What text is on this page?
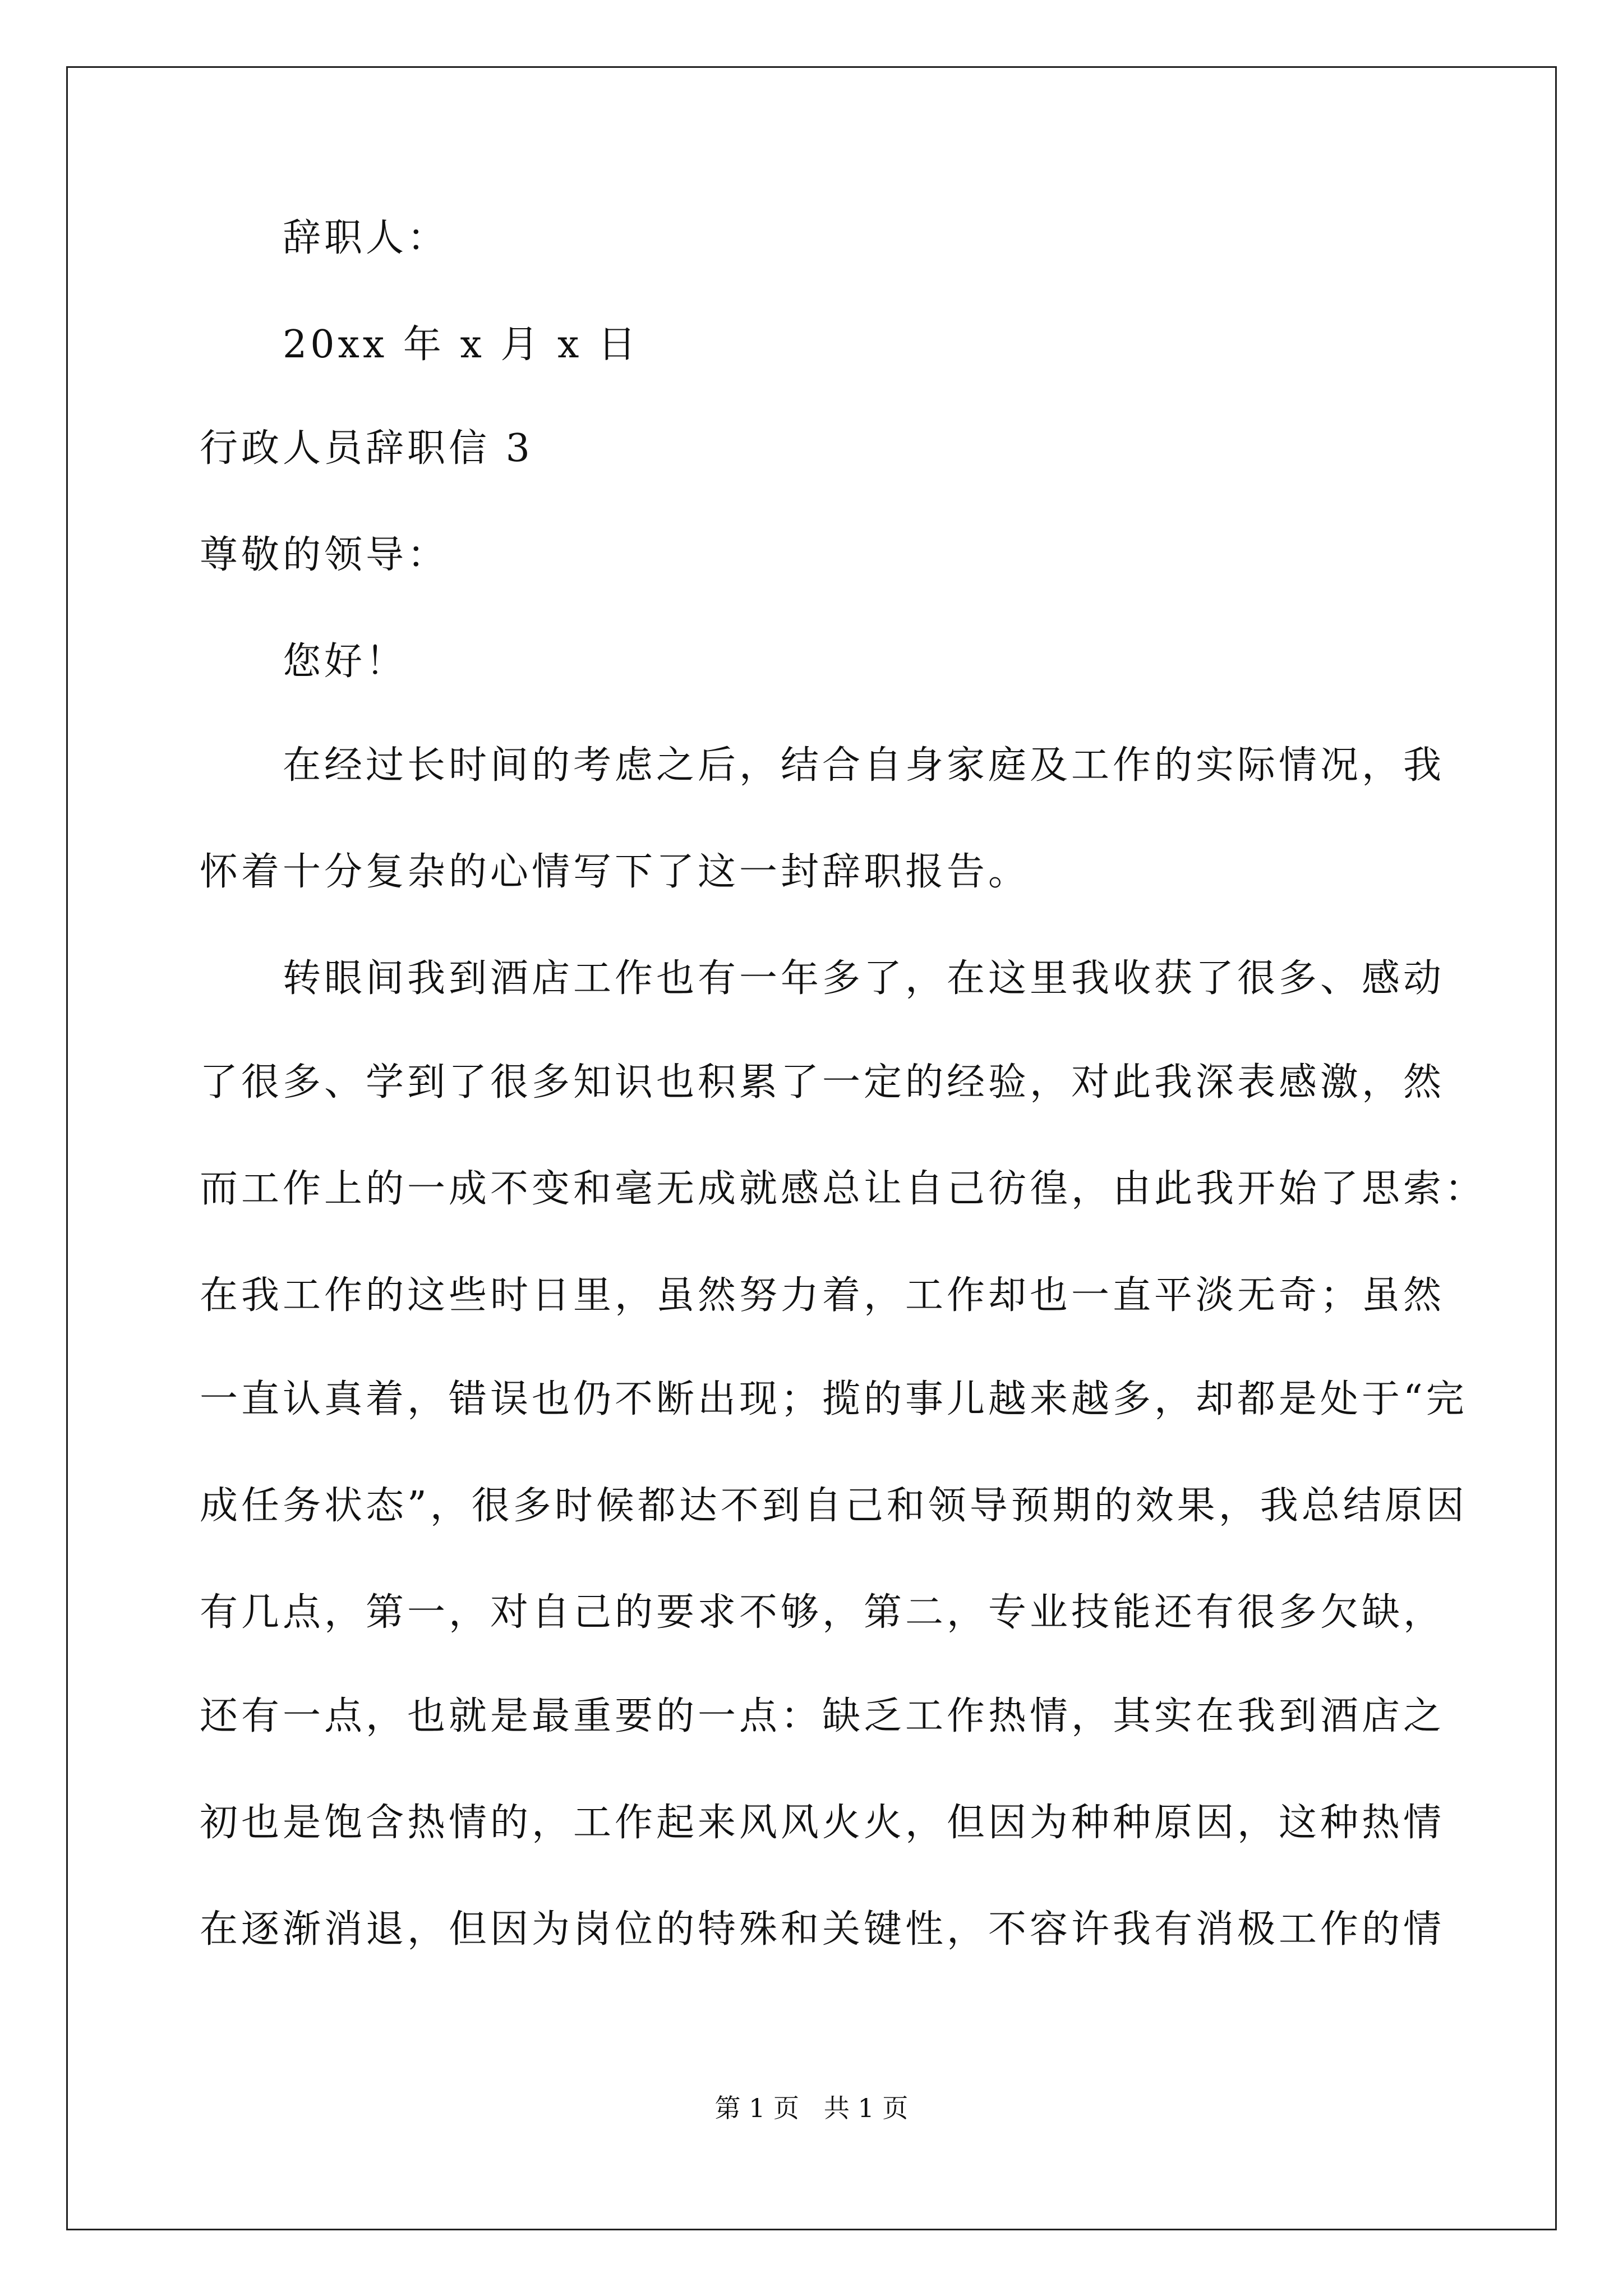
辞职人：
20xx 年 x 月 x 日
行政人员辞职信 3
尊敬的领导：
您好！
在经过长时间的考虑之后，结合自身家庭及工作的实际情况，我
怀着十分复杂的心情写下了这一封辞职报告。
转眼间我到酒店工作也有一年多了，在这里我收获了很多、感动
了很多、学到了很多知识也积累了一定的经验，对此我深表感激，然
而工作上的一成不变和毫无成就感总让自己彷徨，由此我开始了思索：
在我工作的这些时日里，虽然努力着，工作却也一直平淡无奇；虽然
一直认真着，错误也仍不断出现；揽的事儿越来越多，却都是处于“完
成任务状态”，很多时候都达不到自己和领导预期的效果，我总结原因
有几点，第一，对自己的要求不够，第二，专业技能还有很多欠缺，
还有一点，也就是最重要的一点：缺乏工作热情，其实在我到酒店之
初也是饱含热情的，工作起来风风火火，但因为种种原因，这种热情
在逐渐消退，但因为岗位的特殊和关键性，不容许我有消极工作的情
第 1 页   共 1 页
